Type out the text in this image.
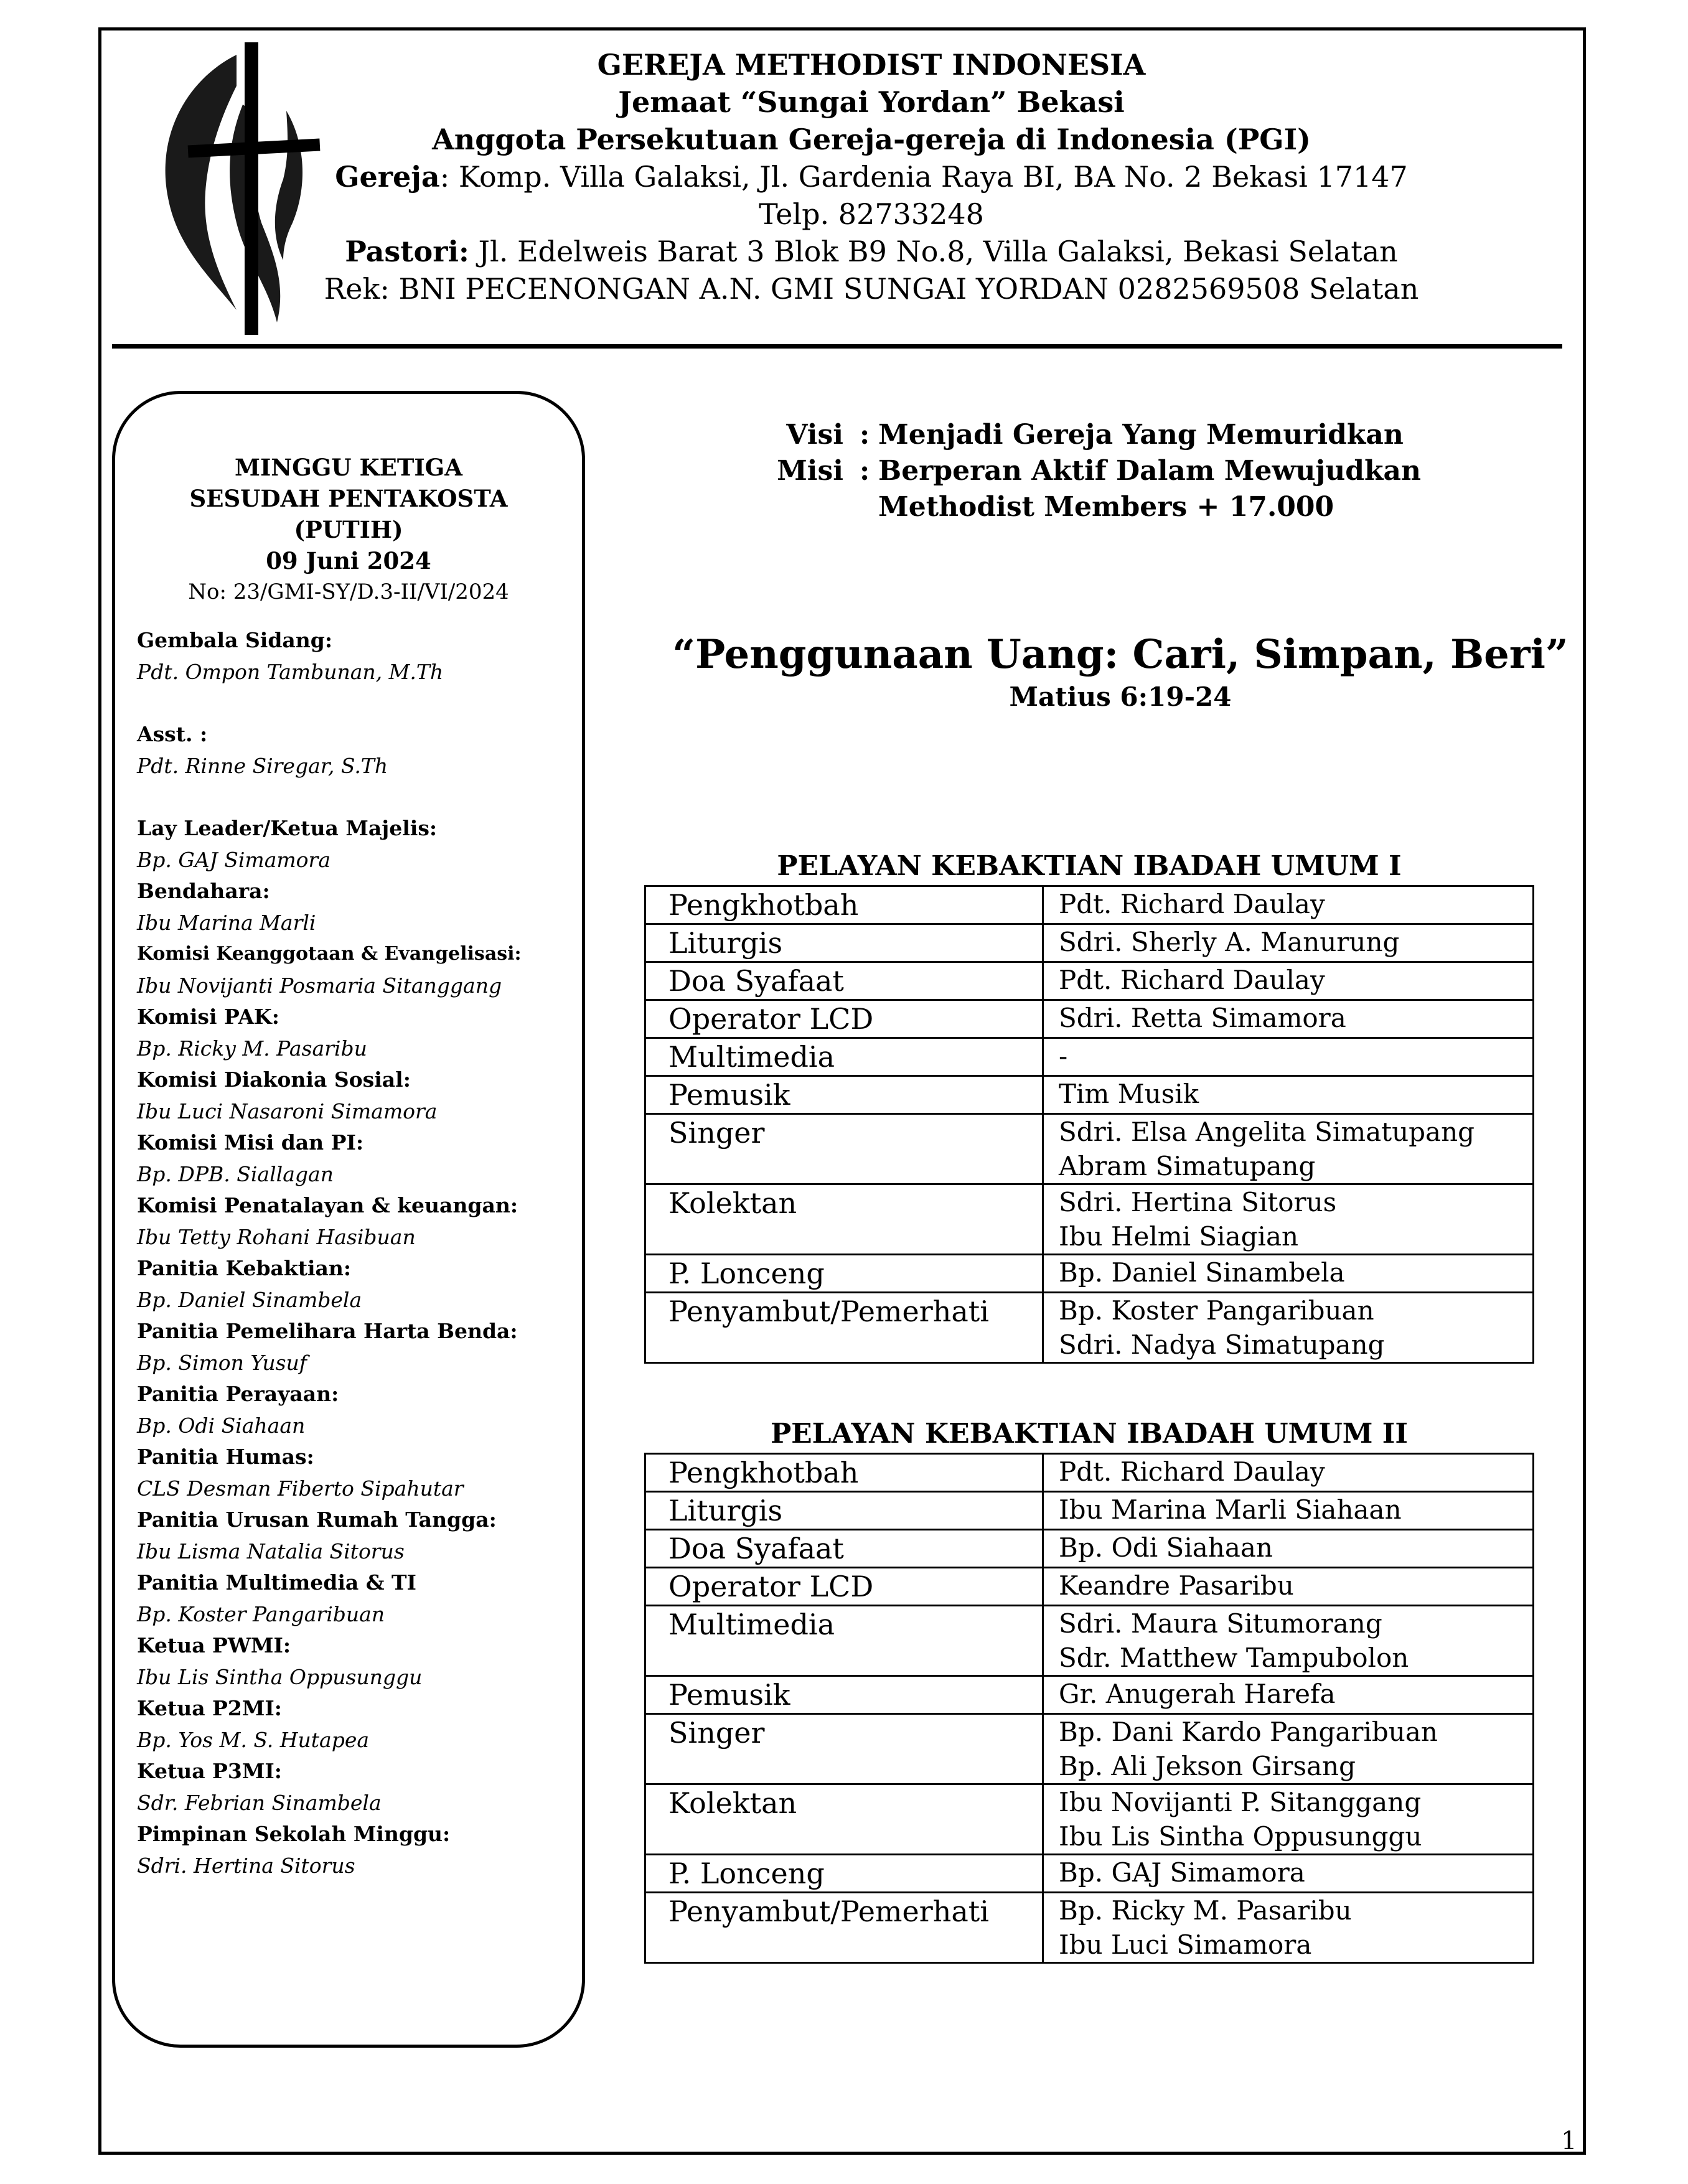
GEREJA METHODIST INDONESIA
Jemaat “Sungai Yordan” Bekasi
Anggota Persekutuan Gereja-gereja di Indonesia (PGI)
Gereja: Komp. Villa Galaksi, Jl. Gardenia Raya BI, BA No. 2 Bekasi 17147
Telp. 82733248
Pastori: Jl. Edelweis Barat 3 Blok B9 No.8, Villa Galaksi, Bekasi Selatan
Rek: BNI PECENONGAN A.N. GMI SUNGAI YORDAN 0282569508 Selatan
MINGGU KETIGA
SESUDAH PENTAKOSTA
(PUTIH)
09 Juni 2024
No: 23/GMI-SY/D.3-II/VI/2024
Gembala Sidang:
Pdt. Ompon Tambunan, M.Th
Asst. :
Pdt. Rinne Siregar, S.Th
Lay Leader/Ketua Majelis:
Bp. GAJ Simamora
Bendahara:
Ibu Marina Marli
Komisi Keanggotaan & Evangelisasi:
Ibu Novijanti Posmaria Sitanggang
Komisi PAK:
Bp. Ricky M. Pasaribu
Komisi Diakonia Sosial:
Ibu Luci Nasaroni Simamora
Komisi Misi dan PI:
Bp. DPB. Siallagan
Komisi Penatalayan & keuangan:
Ibu Tetty Rohani Hasibuan
Panitia Kebaktian:
Bp. Daniel Sinambela
Panitia Pemelihara Harta Benda:
Bp. Simon Yusuf
Panitia Perayaan:
Bp. Odi Siahaan
Panitia Humas:
CLS Desman Fiberto Sipahutar
Panitia Urusan Rumah Tangga:
Ibu Lisma Natalia Sitorus
Panitia Multimedia & TI
Bp. Koster Pangaribuan
Ketua PWMI:
Ibu Lis Sintha Oppusunggu
Ketua P2MI:
Bp. Yos M. S. Hutapea
Ketua P3MI:
Sdr. Febrian Sinambela
Pimpinan Sekolah Minggu:
Sdri. Hertina Sitorus
Visi : Menjadi Gereja Yang Memuridkan
Misi : Berperan Aktif Dalam Mewujudkan
Methodist Members + 17.000
“Penggunaan Uang: Cari, Simpan, Beri”
Matius 6:19-24
PELAYAN KEBAKTIAN IBADAH UMUM I
Pengkhotbah	Pdt. Richard Daulay

Liturgis	Sdri. Sherly A. Manurung

Doa Syafaat	Pdt. Richard Daulay

Operator LCD	Sdri. Retta Simamora

Multimedia	-

Pemusik	Tim Musik

Singer	Sdri. Elsa Angelita Simatupang
Abram Simatupang

Kolektan	Sdri. Hertina Sitorus
Ibu Helmi Siagian

P. Lonceng	Bp. Daniel Sinambela

Penyambut/Pemerhati	Bp. Koster Pangaribuan
Sdri. Nadya Simatupang
PELAYAN KEBAKTIAN IBADAH UMUM II
Pengkhotbah	Pdt. Richard Daulay

Liturgis	Ibu Marina Marli Siahaan

Doa Syafaat	Bp. Odi Siahaan

Operator LCD	Keandre Pasaribu

Multimedia	Sdri. Maura Situmorang
Sdr. Matthew Tampubolon

Pemusik	Gr. Anugerah Harefa

Singer	Bp. Dani Kardo Pangaribuan
Bp. Ali Jekson Girsang

Kolektan	Ibu Novijanti P. Sitanggang
Ibu Lis Sintha Oppusunggu

P. Lonceng	Bp. GAJ Simamora

Penyambut/Pemerhati	Bp. Ricky M. Pasaribu
Ibu Luci Simamora
1
